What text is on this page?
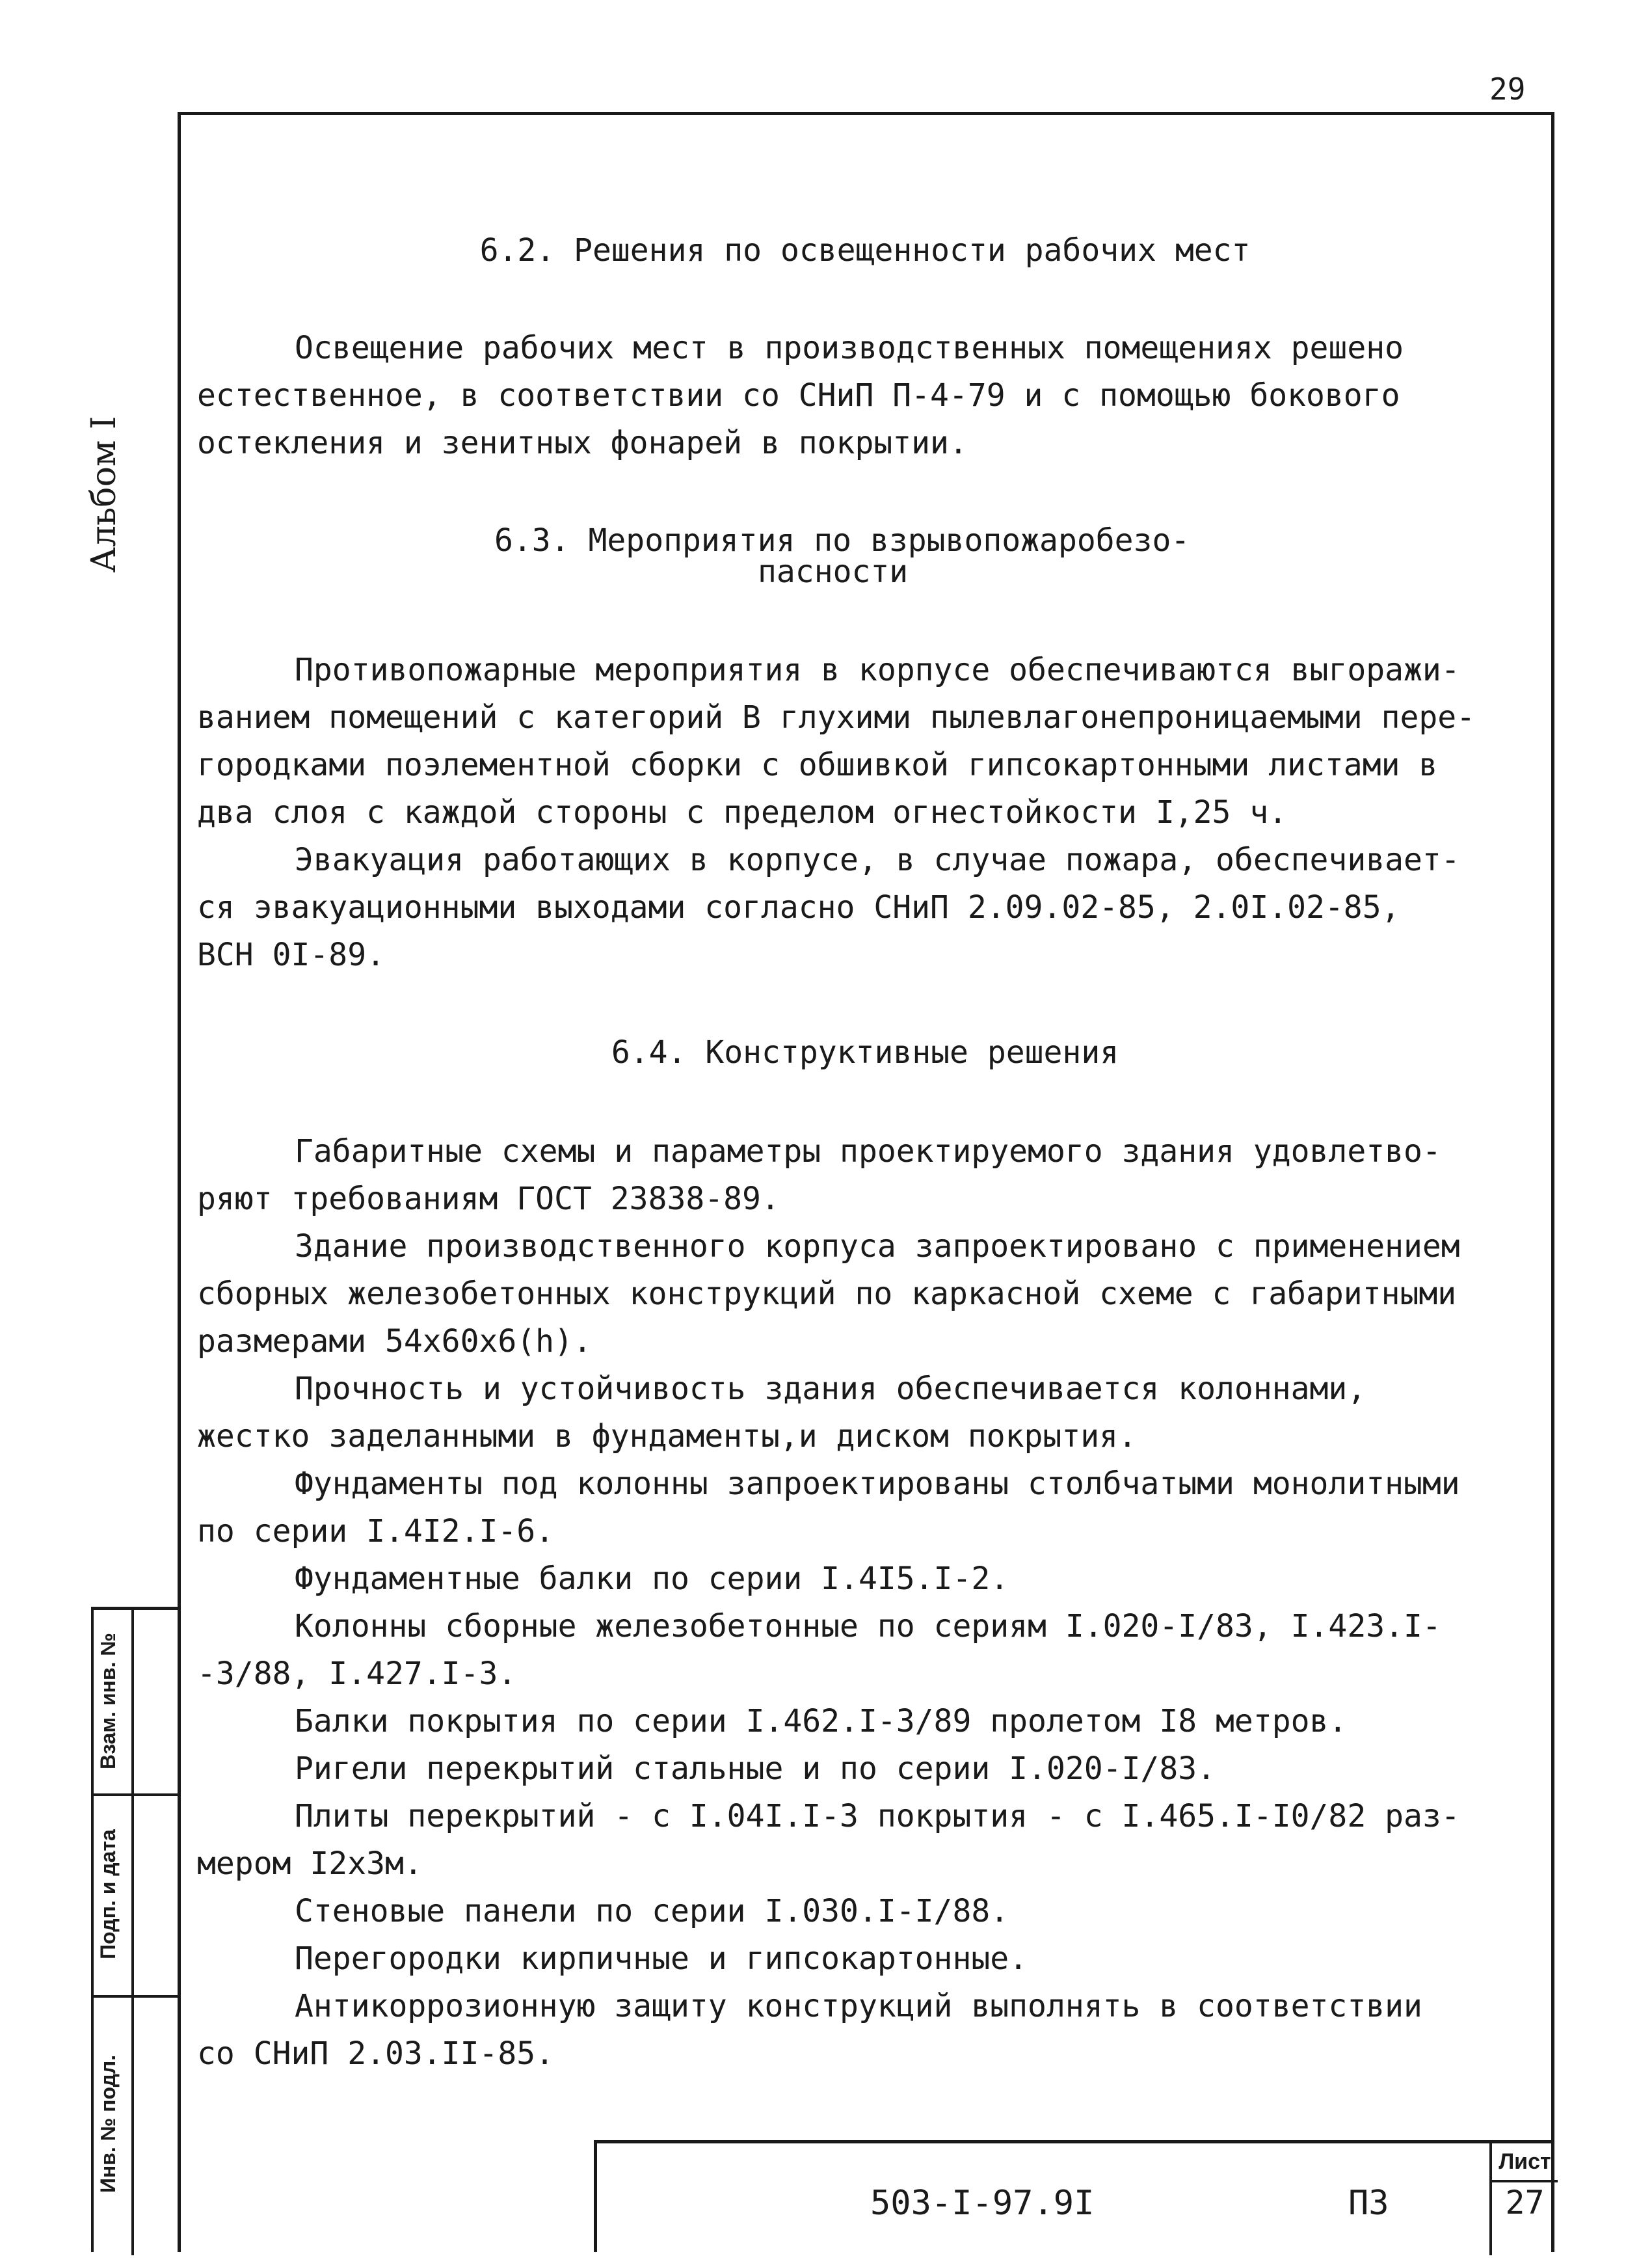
29
Альбом I
Взам. инв. №
Подп. и дата
Инв. № подл.
6.2. Решения по освещенности рабочих мест
Освещение рабочих мест в производственных помещениях решено
естественное, в соответствии со СНиП П-4-79 и с помощью бокового
остекления и зенитных фонарей в покрытии.
6.3. Мероприятия по взрывопожаробезо-
пасности
Противопожарные мероприятия в корпусе обеспечиваются выгоражи-
ванием помещений с категорий В глухими пылевлагонепроницаемыми пере-
городками поэлементной сборки с обшивкой гипсокартонными листами в
два слоя с каждой стороны с пределом огнестойкости I,25 ч.
Эвакуация работающих в корпусе, в случае пожара, обеспечивает-
ся эвакуационными выходами согласно СНиП 2.09.02-85, 2.0I.02-85,
ВСН 0I-89.
6.4. Конструктивные решения
Габаритные схемы и параметры проектируемого здания удовлетво-
ряют требованиям ГОСТ 23838-89.
Здание производственного корпуса запроектировано с применением
сборных железобетонных конструкций по каркасной схеме с габаритными
размерами 54х60х6(h).
Прочность и устойчивость здания обеспечивается колоннами,
жестко заделанными в фундаменты,и диском покрытия.
Фундаменты под колонны запроектированы столбчатыми монолитными
по серии I.4I2.I-6.
Фундаментные балки по серии I.4I5.I-2.
Колонны сборные железобетонные по сериям I.020-I/83, I.423.I-
-3/88, I.427.I-3.
Балки покрытия по серии I.462.I-3/89 пролетом I8 метров.
Ригели перекрытий стальные и по серии I.020-I/83.
Плиты перекрытий - с I.04I.I-3 покрытия - с I.465.I-I0/82 раз-
мером I2х3м.
Стеновые панели по серии I.030.I-I/88.
Перегородки кирпичные и гипсокартонные.
Антикоррозионную защиту конструкций выполнять в соответствии
со СНиП 2.03.II-85.
503-I-97.9I	ПЗ
Лист
27
